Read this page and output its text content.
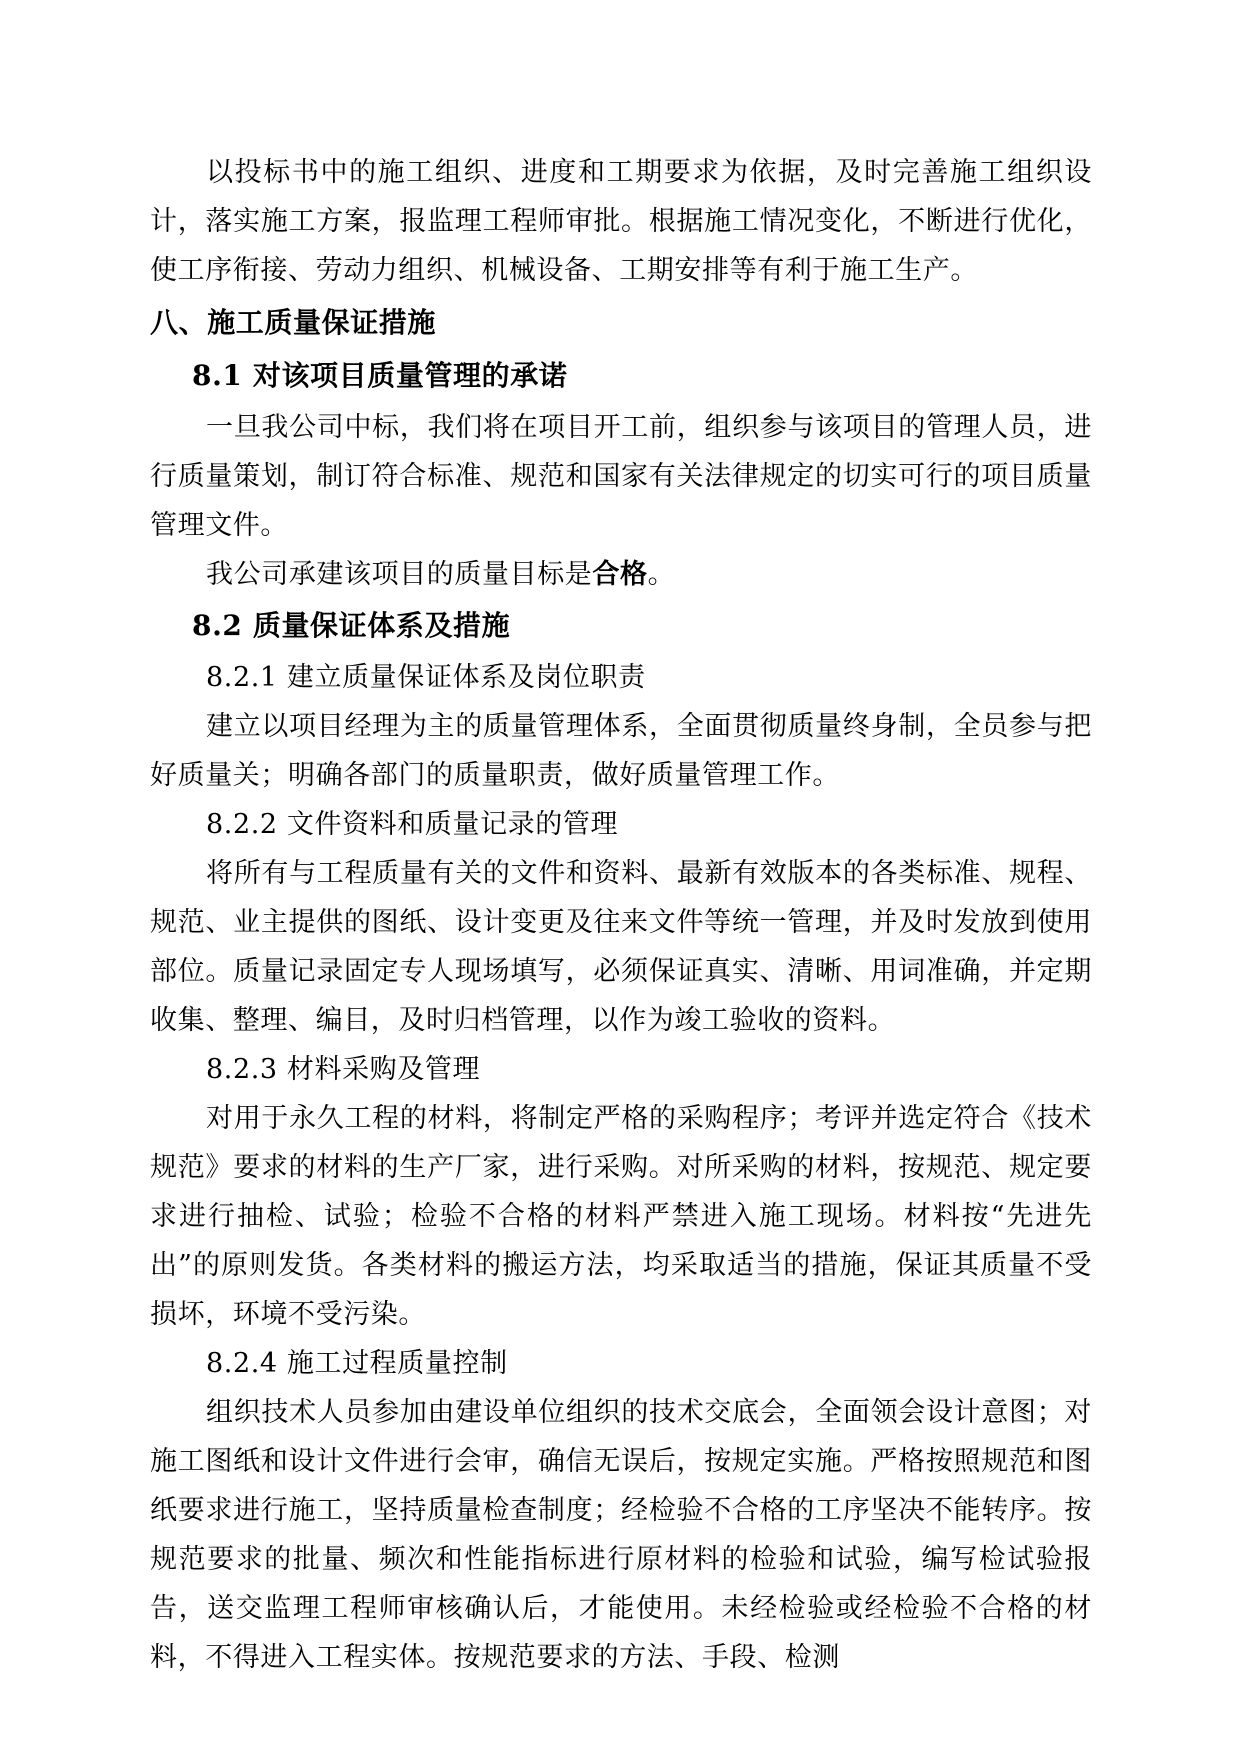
以投标书中的施工组织、进度和工期要求为依据，及时完善施工组织设计，落实施工方案，报监理工程师审批。根据施工情况变化，不断进行优化，使工序衔接、劳动力组织、机械设备、工期安排等有利于施工生产。

八、施工质量保证措施

8.1 对该项目质量管理的承诺

一旦我公司中标，我们将在项目开工前，组织参与该项目的管理人员，进行质量策划，制订符合标准、规范和国家有关法律规定的切实可行的项目质量管理文件。

我公司承建该项目的质量目标是合格。

8.2 质量保证体系及措施

8.2.1 建立质量保证体系及岗位职责

建立以项目经理为主的质量管理体系，全面贯彻质量终身制，全员参与把好质量关；明确各部门的质量职责，做好质量管理工作。

8.2.2 文件资料和质量记录的管理

将所有与工程质量有关的文件和资料、最新有效版本的各类标准、规程、规范、业主提供的图纸、设计变更及往来文件等统一管理，并及时发放到使用部位。质量记录固定专人现场填写，必须保证真实、清晰、用词准确，并定期收集、整理、编目，及时归档管理，以作为竣工验收的资料。

8.2.3 材料采购及管理

对用于永久工程的材料，将制定严格的采购程序；考评并选定符合《技术规范》要求的材料的生产厂家，进行采购。对所采购的材料，按规范、规定要求进行抽检、试验；检验不合格的材料严禁进入施工现场。材料按“先进先出”的原则发货。各类材料的搬运方法，均采取适当的措施，保证其质量不受损坏，环境不受污染。

8.2.4 施工过程质量控制

组织技术人员参加由建设单位组织的技术交底会，全面领会设计意图；对施工图纸和设计文件进行会审，确信无误后，按规定实施。严格按照规范和图纸要求进行施工，坚持质量检查制度；经检验不合格的工序坚决不能转序。按规范要求的批量、频次和性能指标进行原材料的检验和试验，编写检试验报告，送交监理工程师审核确认后，才能使用。未经检验或经检验不合格的材料，不得进入工程实体。按规范要求的方法、手段、检测
